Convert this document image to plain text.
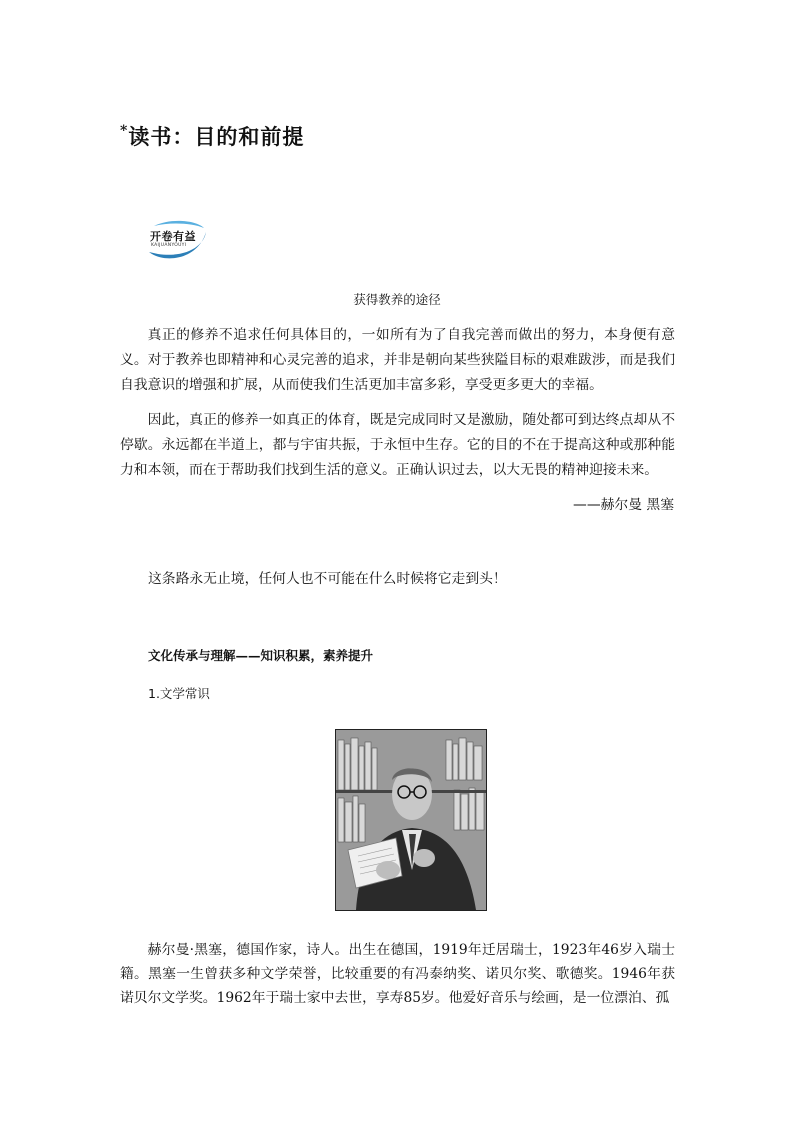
*读书：目的和前提
开卷有益
KAIJUANYOUYI
获得教养的途径

真正的修养不追求任何具体目的，一如所有为了自我完善而做出的努力，本身便有意义。对于教养也即精神和心灵完善的追求，并非是朝向某些狭隘目标的艰难跋涉，而是我们自我意识的增强和扩展，从而使我们生活更加丰富多彩，享受更多更大的幸福。

因此，真正的修养一如真正的体育，既是完成同时又是激励，随处都可到达终点却从不停歇。永远都在半道上，都与宇宙共振，于永恒中生存。它的目的不在于提高这种或那种能力和本领，而在于帮助我们找到生活的意义。正确认识过去，以大无畏的精神迎接未来。

——赫尔曼 黑塞
这条路永无止境，任何人也不可能在什么时候将它走到头！
文化传承与理解——知识积累，素养提升
1.文学常识

赫尔曼·黑塞，德国作家，诗人。出生在德国，1919年迁居瑞士，1923年46岁入瑞士籍。黑塞一生曾获多种文学荣誉，比较重要的有冯泰纳奖、诺贝尔奖、歌德奖。1946年获诺贝尔文学奖。1962年于瑞士家中去世，享寿85岁。他爱好音乐与绘画，是一位漂泊、孤
